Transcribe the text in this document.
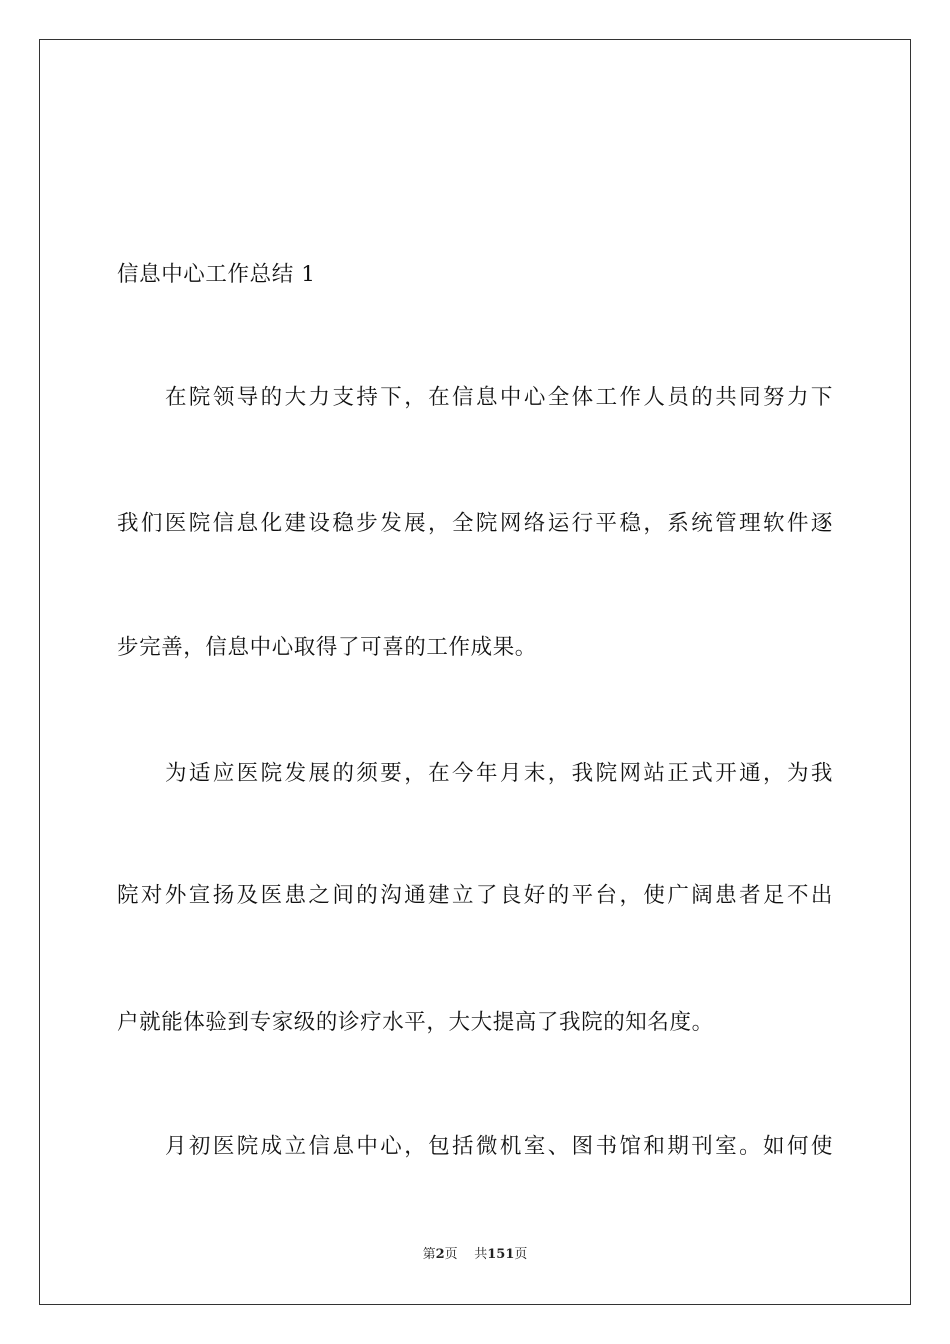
信息中心工作总结 1
在院领导的大力支持下，在信息中心全体工作人员的共同努力下
我们医院信息化建设稳步发展，全院网络运行平稳，系统管理软件逐
步完善，信息中心取得了可喜的工作成果。
为适应医院发展的须要，在今年月末，我院网站正式开通，为我
院对外宣扬及医患之间的沟通建立了良好的平台，使广阔患者足不出
户就能体验到专家级的诊疗水平，大大提高了我院的知名度。
月初医院成立信息中心，包括微机室、图书馆和期刊室。如何使
第2页 共151页
